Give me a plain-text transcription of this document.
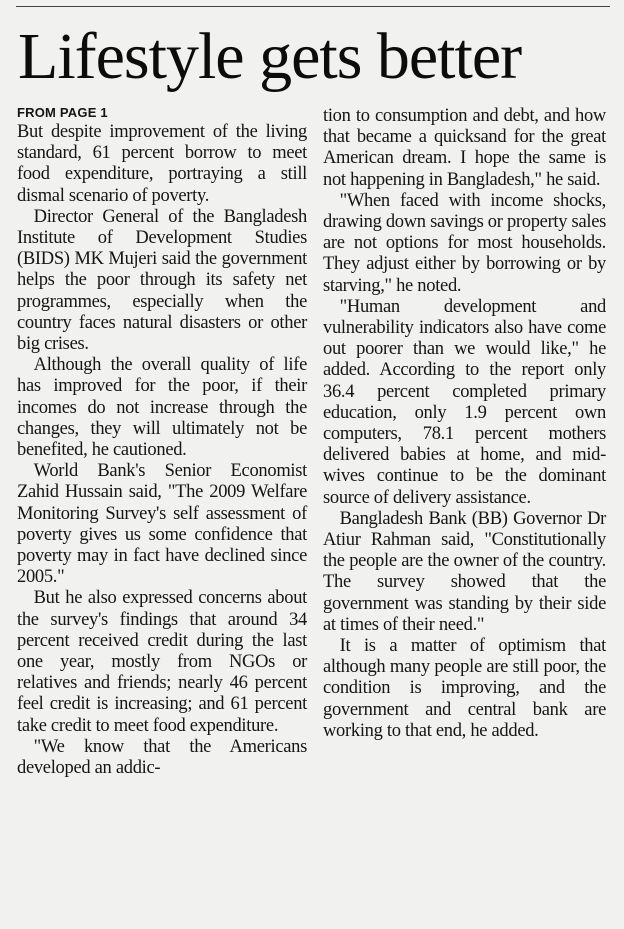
Lifestyle gets better
FROM PAGE 1

But despite improvement of the living standard, 61 percent borrow to meet food expenditure, portraying a still dismal scenario of poverty.

Director General of the Bangladesh Institute of Development Studies (BIDS) MK Mujeri said the government helps the poor through its safety net programmes, especially when the country faces natural disasters or other big crises.

Although the overall quality of life has improved for the poor, if their incomes do not increase through the changes, they will ultimately not be benefited, he cautioned.

World Bank's Senior Economist Zahid Hussain said, "The 2009 Welfare Monitoring Survey's self assessment of poverty gives us some confidence that poverty may in fact have declined since 2005."

But he also expressed concerns about the survey's findings that around 34 percent received credit during the last one year, mostly from NGOs or relatives and friends; nearly 46 percent feel credit is increasing; and 61 percent take credit to meet food expenditure.

"We know that the Americans developed an addic-

tion to consumption and debt, and how that became a quicksand for the great American dream. I hope the same is not happening in Bangladesh," he said.

"When faced with income shocks, drawing down savings or property sales are not options for most households. They adjust either by borrowing or by starving," he noted.

"Human development and vulnerability indicators also have come out poorer than we would like," he added. According to the report only 36.4 percent completed primary education, only 1.9 percent own computers, 78.1 percent mothers delivered babies at home, and mid-wives continue to be the dominant source of delivery assistance.

Bangladesh Bank (BB) Governor Dr Atiur Rahman said, "Constitutionally the people are the owner of the country. The survey showed that the government was standing by their side at times of their need."

It is a matter of optimism that although many people are still poor, the condition is improving, and the government and central bank are working to that end, he added.
